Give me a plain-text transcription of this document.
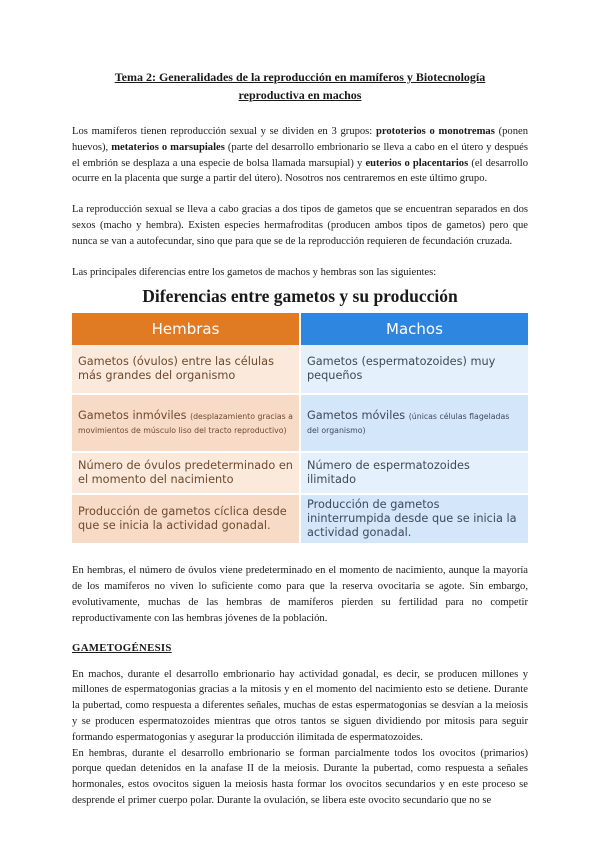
Tema 2: Generalidades de la reproducción en mamíferos y Biotecnología
reproductiva en machos

Los mamíferos tienen reproducción sexual y se dividen en 3 grupos: prototerios o monotremas (ponen huevos), metaterios o marsupiales (parte del desarrollo embrionario se lleva a cabo en el útero y después el embrión se desplaza a una especie de bolsa llamada marsupial) y euterios o placentarios (el desarrollo ocurre en la placenta que surge a partir del útero). Nosotros nos centraremos en este último grupo.

La reproducción sexual se lleva a cabo gracias a dos tipos de gametos que se encuentran separados en dos sexos (macho y hembra). Existen especies hermafroditas (producen ambos tipos de gametos) pero que nunca se van a autofecundar, sino que para que se de la reproducción requieren de fecundación cruzada.

Las principales diferencias entre los gametos de machos y hembras son las siguientes:

Diferencias entre gametos y su producción
Hembras	Machos
Gametos (óvulos) entre las células más grandes del organismo	Gametos (espermatozoides) muy pequeños
Gametos inmóviles (desplazamiento gracias a movimientos de músculo liso del tracto reproductivo)	Gametos móviles (únicas células flageladas del organismo)
Número de óvulos predeterminado en el momento del nacimiento	Número de espermatozoides ilimitado
Producción de gametos cíclica desde que se inicia la actividad gonadal.	Producción de gametos ininterrumpida desde que se inicia la actividad gonadal.

En hembras, el número de óvulos viene predeterminado en el momento de nacimiento, aunque la mayoría de los mamíferos no viven lo suficiente como para que la reserva ovocitaria se agote. Sin embargo, evolutivamente, muchas de las hembras de mamíferos pierden su fertilidad para no competir reproductivamente con las hembras jóvenes de la población.

GAMETOGÉNESIS

En machos, durante el desarrollo embrionario hay actividad gonadal, es decir, se producen millones y millones de espermatogonias gracias a la mitosis y en el momento del nacimiento esto se detiene. Durante la pubertad, como respuesta a diferentes señales, muchas de estas espermatogonias se desvían a la meiosis y se producen espermatozoides mientras que otros tantos se siguen dividiendo por mitosis para seguir formando espermatogonias y asegurar la producción ilimitada de espermatozoides.

En hembras, durante el desarrollo embrionario se forman parcialmente todos los ovocitos (primarios) porque quedan detenidos en la anafase II de la meiosis. Durante la pubertad, como respuesta a señales hormonales, estos ovocitos siguen la meiosis hasta formar los ovocitos secundarios y en este proceso se desprende el primer cuerpo polar. Durante la ovulación, se libera este ovocito secundario que no se
